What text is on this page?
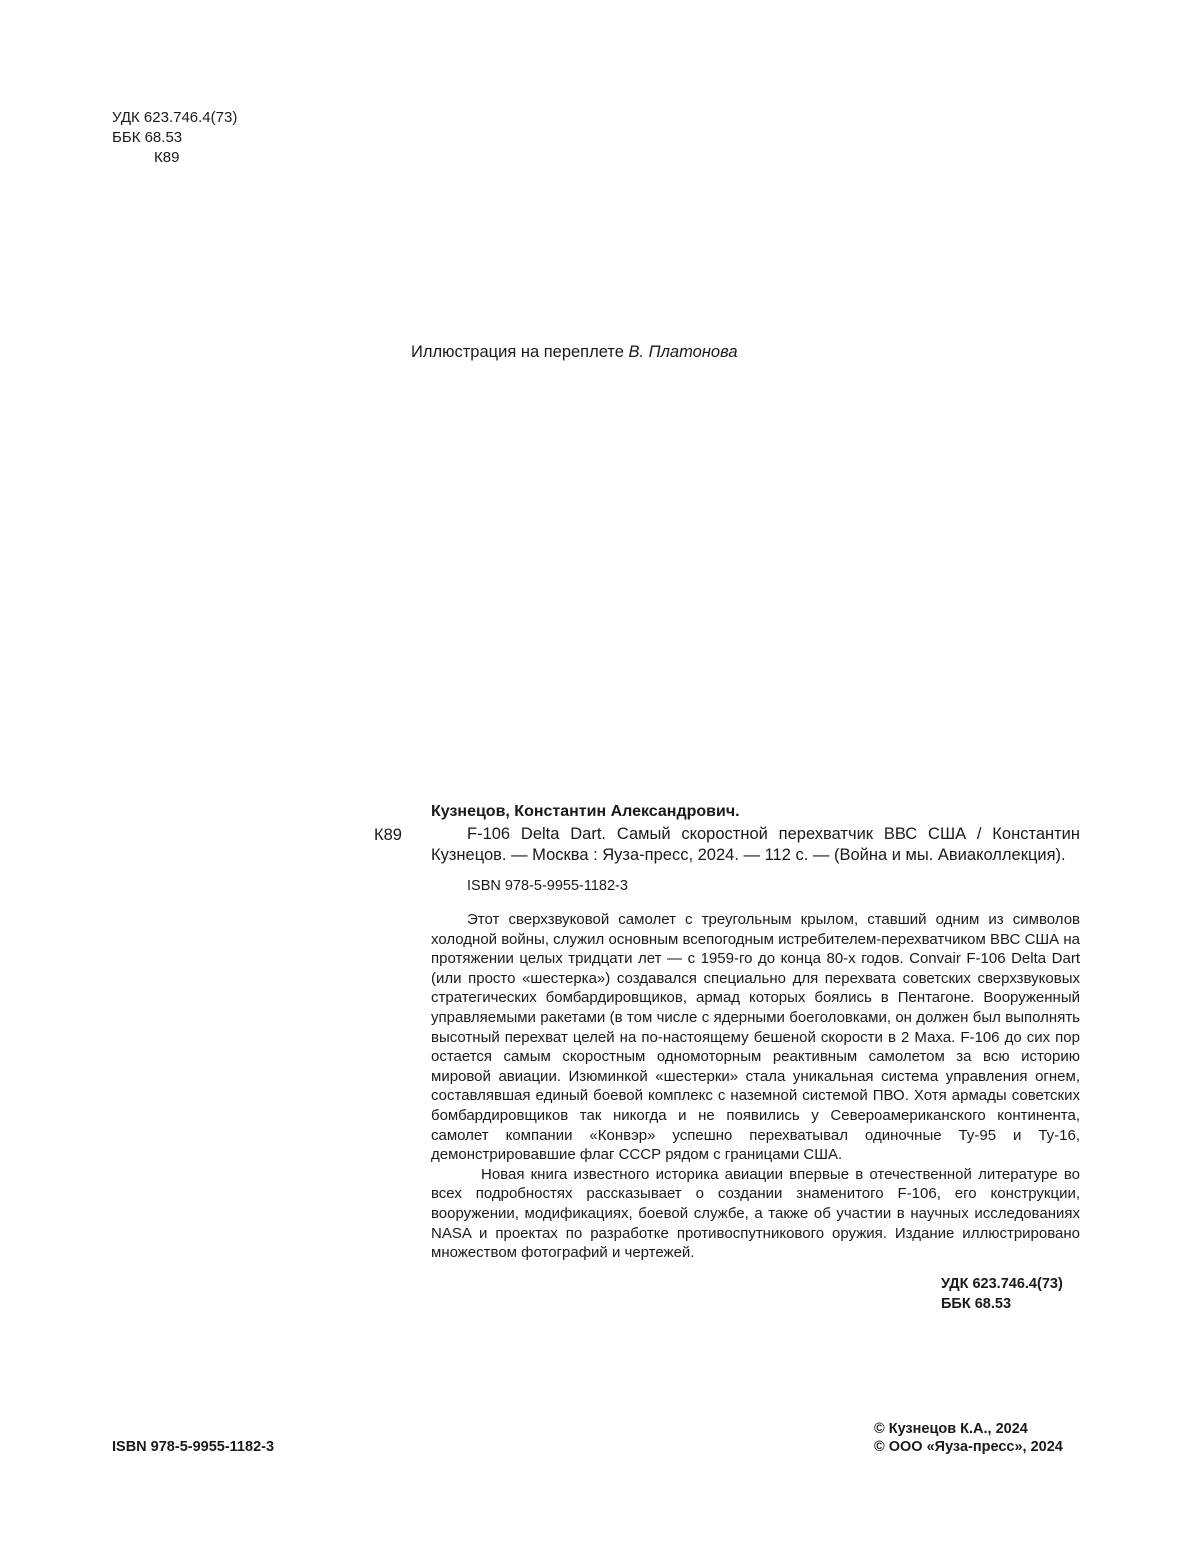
УДК 623.746.4(73)
ББК 68.53
К89
Иллюстрация на переплете В. Платонова
Кузнецов, Константин Александрович.
К89	F-106 Delta Dart. Самый скоростной перехватчик ВВС США / Константин Кузнецов. — Москва : Яуза-пресс, 2024. — 112 с. — (Война и мы. Авиаколлекция).

ISBN 978-5-9955-1182-3

Этот сверхзвуковой самолет с треугольным крылом, ставший одним из символов холодной войны, служил основным всепогодным истребителем-перехватчиком ВВС США на протяжении целых тридцати лет — с 1959-го до конца 80-х годов. Convair F-106 Delta Dart (или просто «шестерка») создавался специально для перехвата советских сверхзвуковых стратегических бомбардировщиков, армад которых боялись в Пентагоне. Вооруженный управляемыми ракетами (в том числе с ядерными боеголовками, он должен был выполнять высотный перехват целей на по-настоящему бешеной скорости в 2 Маха. F-106 до сих пор остается самым скоростным одномоторным реактивным самолетом за всю историю мировой авиации. Изюминкой «шестерки» стала уникальная система управления огнем, составлявшая единый боевой комплекс с наземной системой ПВО. Хотя армады советских бомбардировщиков так никогда и не появились у Североамериканского континента, самолет компании «Конвэр» успешно перехватывал одиночные Ту-95 и Ту-16, демонстрировавшие флаг СССР рядом с границами США.

Новая книга известного историка авиации впервые в отечественной литературе во всех подробностях рассказывает о создании знаменитого F-106, его конструкции, вооружении, модификациях, боевой службе, а также об участии в научных исследованиях NASA и проектах по разработке противоспутникового оружия. Издание иллюстрировано множеством фотографий и чертежей.

УДК 623.746.4(73)
ББК 68.53
ISBN 978-5-9955-1182-3
© Кузнецов К.А., 2024
© ООО «Яуза-пресс», 2024
